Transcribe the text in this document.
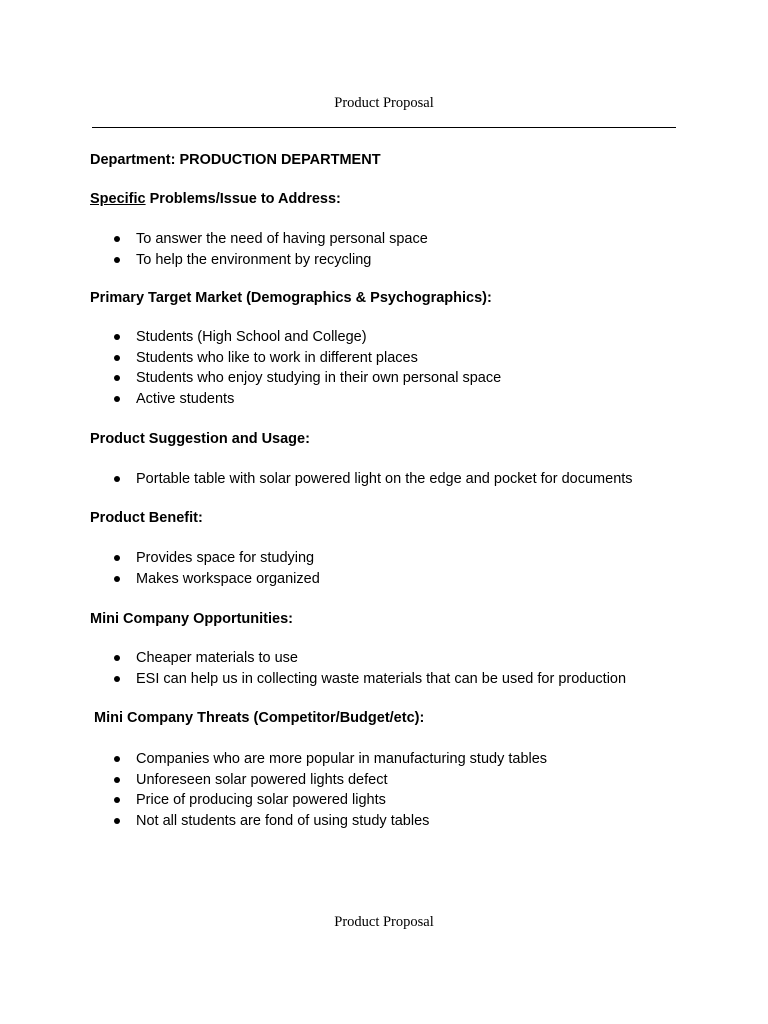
Product Proposal
Department: PRODUCTION DEPARTMENT
Specific Problems/Issue to Address:
To answer the need of having personal space
To help the environment by recycling
Primary Target Market (Demographics & Psychographics):
Students (High School and College)
Students who like to work in different places
Students who enjoy studying in their own personal space
Active students
Product Suggestion and Usage:
Portable table with solar powered light on the edge and pocket for documents
Product Benefit:
Provides space for studying
Makes workspace organized
Mini Company Opportunities:
Cheaper materials to use
ESI can help us in collecting waste materials that can be used for production
Mini Company Threats (Competitor/Budget/etc):
Companies who are more popular in manufacturing study tables
Unforeseen solar powered lights defect
Price of producing solar powered lights
Not all students are fond of using study tables
Product Proposal
